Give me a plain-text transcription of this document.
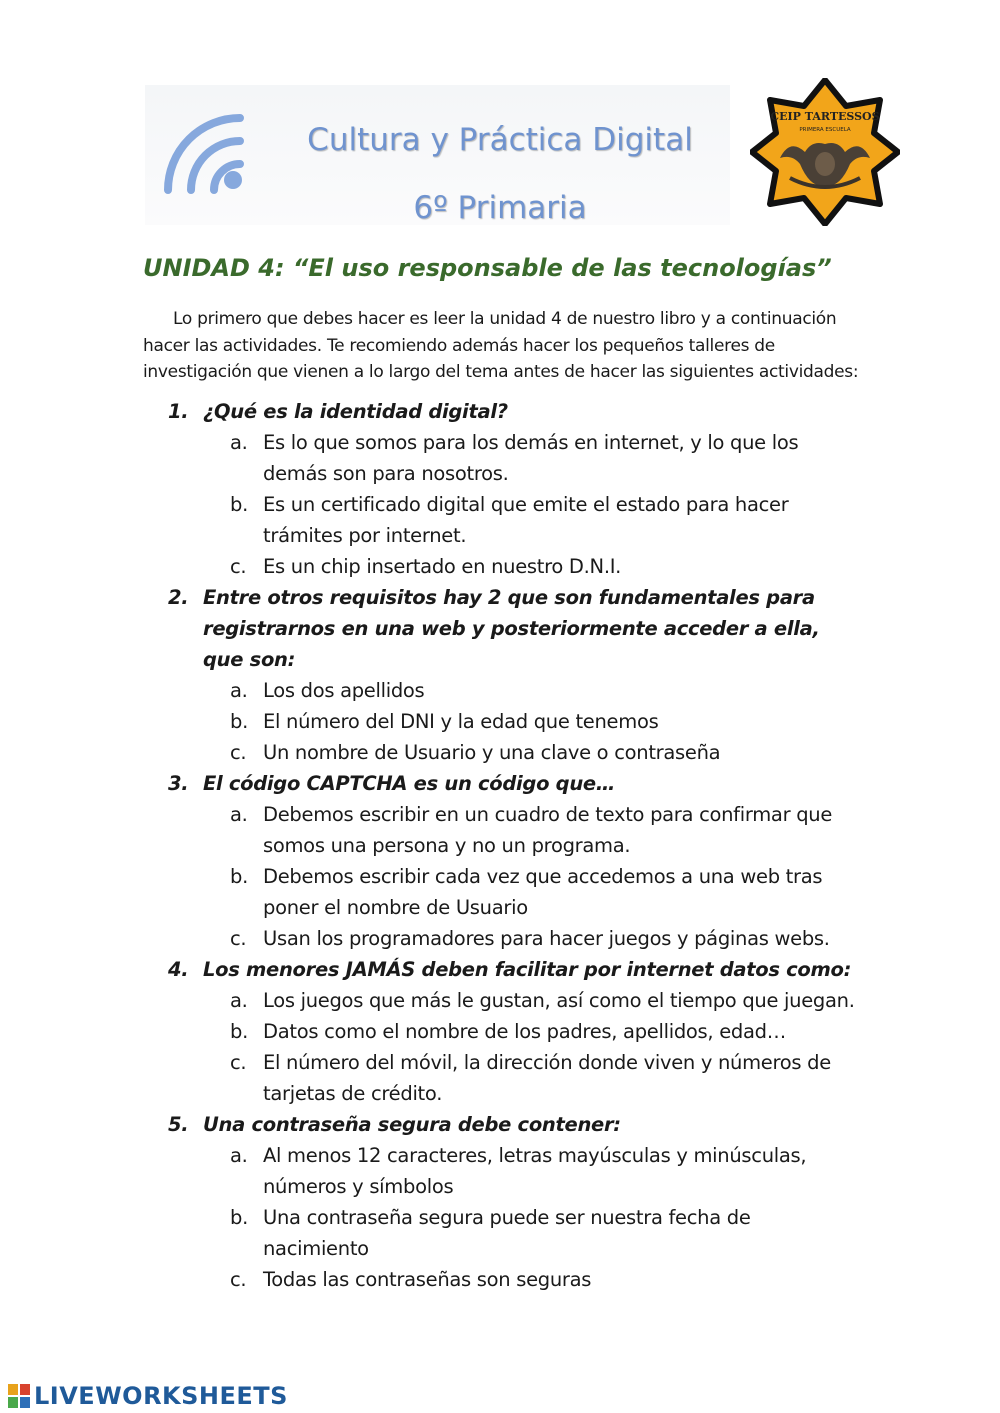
Cultura y Práctica Digital
6º Primaria
CEIP TARTESSOS
PRIMERA ESCUELA
UNIDAD 4: “El uso responsable de las tecnologías”

Lo primero que debes hacer es leer la unidad 4 de nuestro libro y a continuación hacer las actividades. Te recomiendo además hacer los pequeños talleres de investigación que vienen a lo largo del tema antes de hacer las siguientes actividades:

1. ¿Qué es la identidad digital?
a. Es lo que somos para los demás en internet, y lo que los demás son para nosotros.
b. Es un certificado digital que emite el estado para hacer trámites por internet.
c. Es un chip insertado en nuestro D.N.I.
2. Entre otros requisitos hay 2 que son fundamentales para registrarnos en una web y posteriormente acceder a ella, que son:
a. Los dos apellidos
b. El número del DNI y la edad que tenemos
c. Un nombre de Usuario y una clave o contraseña
3. El código CAPTCHA es un código que…
a. Debemos escribir en un cuadro de texto para confirmar que somos una persona y no un programa.
b. Debemos escribir cada vez que accedemos a una web tras poner el nombre de Usuario
c. Usan los programadores para hacer juegos y páginas webs.
4. Los menores JAMÁS deben facilitar por internet datos como:
a. Los juegos que más le gustan, así como el tiempo que juegan.
b. Datos como el nombre de los padres, apellidos, edad…
c. El número del móvil, la dirección donde viven y números de tarjetas de crédito.
5. Una contraseña segura debe contener:
a. Al menos 12 caracteres, letras mayúsculas y minúsculas, números y símbolos
b. Una contraseña segura puede ser nuestra fecha de nacimiento
c. Todas las contraseñas son seguras
LIVEWORKSHEETS
